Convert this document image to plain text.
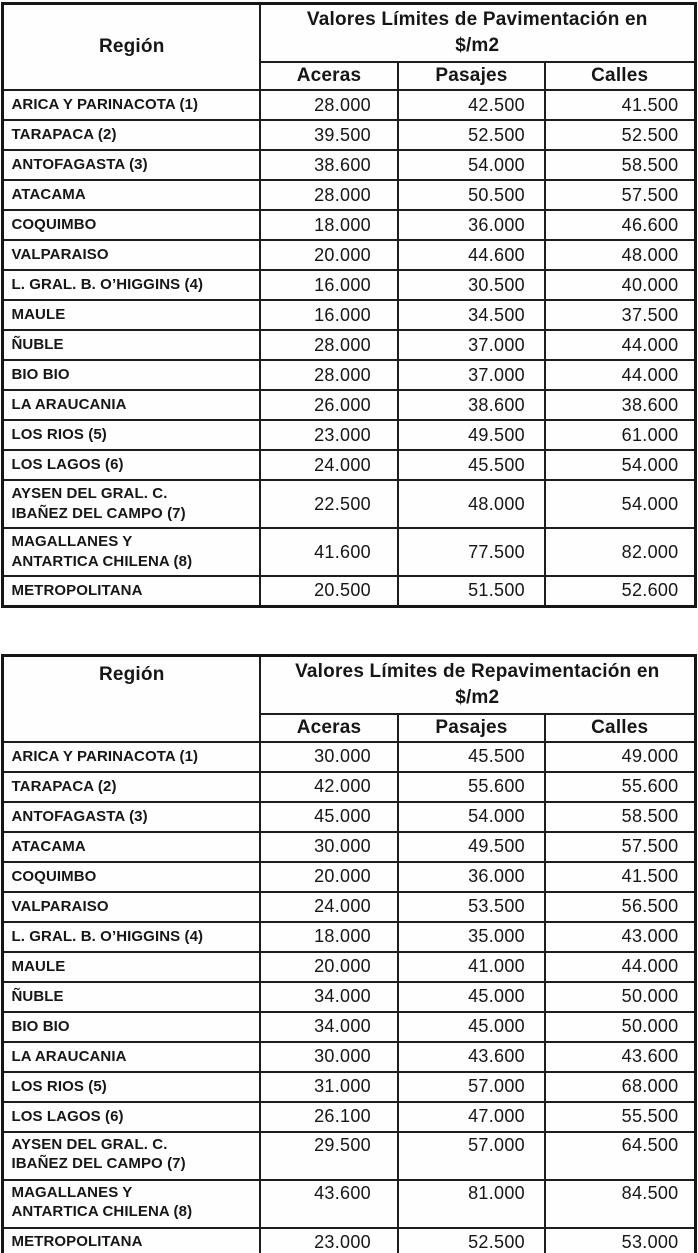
Región	Valores Límites de Pavimentación en
$/m2		

	Aceras	Pasajes	Calles

ARICA Y PARINACOTA (1)	28.000	42.500	41.500

TARAPACA (2)	39.500	52.500	52.500

ANTOFAGASTA (3)	38.600	54.000	58.500

ATACAMA	28.000	50.500	57.500

COQUIMBO	18.000	36.000	46.600

VALPARAISO	20.000	44.600	48.000

L. GRAL. B. O’HIGGINS (4)	16.000	30.500	40.000

MAULE	16.000	34.500	37.500

ÑUBLE	28.000	37.000	44.000

BIO BIO	28.000	37.000	44.000

LA ARAUCANIA	26.000	38.600	38.600

LOS RIOS (5)	23.000	49.500	61.000

LOS LAGOS (6)	24.000	45.500	54.000

AYSEN DEL GRAL. C.
IBAÑEZ DEL CAMPO (7)	22.500	48.000	54.000

MAGALLANES Y
ANTARTICA CHILENA (8)	41.600	77.500	82.000

METROPOLITANA	20.500	51.500	52.600
Región	Valores Límites de Repavimentación en
$/m2		

	Aceras	Pasajes	Calles

ARICA Y PARINACOTA (1)	30.000	45.500	49.000

TARAPACA (2)	42.000	55.600	55.600

ANTOFAGASTA (3)	45.000	54.000	58.500

ATACAMA	30.000	49.500	57.500

COQUIMBO	20.000	36.000	41.500

VALPARAISO	24.000	53.500	56.500

L. GRAL. B. O’HIGGINS (4)	18.000	35.000	43.000

MAULE	20.000	41.000	44.000

ÑUBLE	34.000	45.000	50.000

BIO BIO	34.000	45.000	50.000

LA ARAUCANIA	30.000	43.600	43.600

LOS RIOS (5)	31.000	57.000	68.000

LOS LAGOS (6)	26.100	47.000	55.500

AYSEN DEL GRAL. C.
IBAÑEZ DEL CAMPO (7)	29.500	57.000	64.500

MAGALLANES Y
ANTARTICA CHILENA (8)	43.600	81.000	84.500

METROPOLITANA	23.000	52.500	53.000
